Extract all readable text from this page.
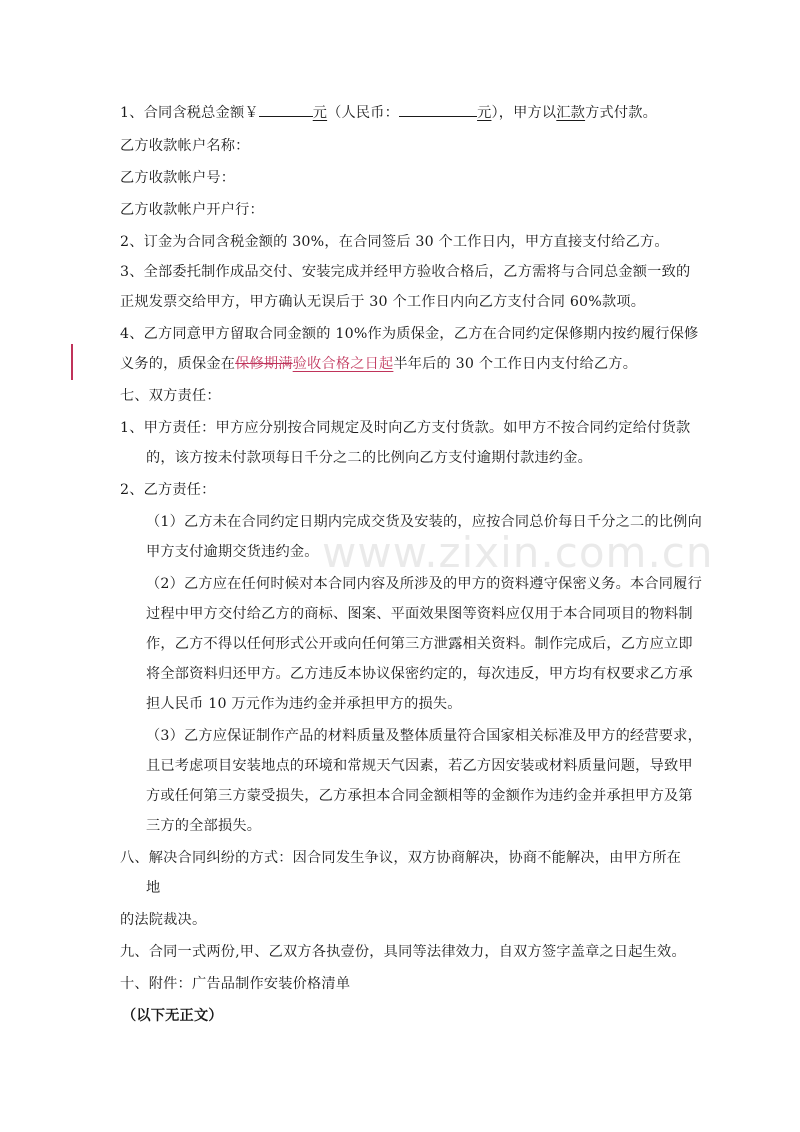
www.zixin.com.cn
1、合同含税总金额￥	元（人民币：	元），甲方以汇款方式付款。
乙方收款帐户名称：
乙方收款帐户号：
乙方收款帐户开户行：
2、订金为合同含税金额的 30%，在合同签后 30 个工作日内，甲方直接支付给乙方。
3、全部委托制作成品交付、安装完成并经甲方验收合格后，乙方需将与合同总金额一致的
正规发票交给甲方，甲方确认无误后于 30 个工作日内向乙方支付合同 60%款项。
4、乙方同意甲方留取合同金额的 10%作为质保金，乙方在合同约定保修期内按约履行保修
义务的，质保金在保修期满验收合格之日起半年后的 30 个工作日内支付给乙方。
七、双方责任：
1、甲方责任：甲方应分别按合同规定及时向乙方支付货款。如甲方不按合同约定给付货款
的，该方按未付款项每日千分之二的比例向乙方支付逾期付款违约金。
2、乙方责任：
（1）乙方未在合同约定日期内完成交货及安装的，应按合同总价每日千分之二的比例向
甲方支付逾期交货违约金。
（2）乙方应在任何时候对本合同内容及所涉及的甲方的资料遵守保密义务。本合同履行
过程中甲方交付给乙方的商标、图案、平面效果图等资料应仅用于本合同项目的物料制
作，乙方不得以任何形式公开或向任何第三方泄露相关资料。制作完成后，乙方应立即
将全部资料归还甲方。乙方违反本协议保密约定的，每次违反，甲方均有权要求乙方承
担人民币 10 万元作为违约金并承担甲方的损失。
（3）乙方应保证制作产品的材料质量及整体质量符合国家相关标准及甲方的经营要求，
且已考虑项目安装地点的环境和常规天气因素，若乙方因安装或材料质量问题，导致甲
方或任何第三方蒙受损失，乙方承担本合同金额相等的金额作为违约金并承担甲方及第
三方的全部损失。
八、解决合同纠纷的方式：因合同发生争议，双方协商解决，协商不能解决，由甲方所在
地
的法院裁决。
九、合同一式两份,甲、乙双方各执壹份，具同等法律效力，自双方签字盖章之日起生效。
十、附件：广告品制作安装价格清单
（以下无正文）
